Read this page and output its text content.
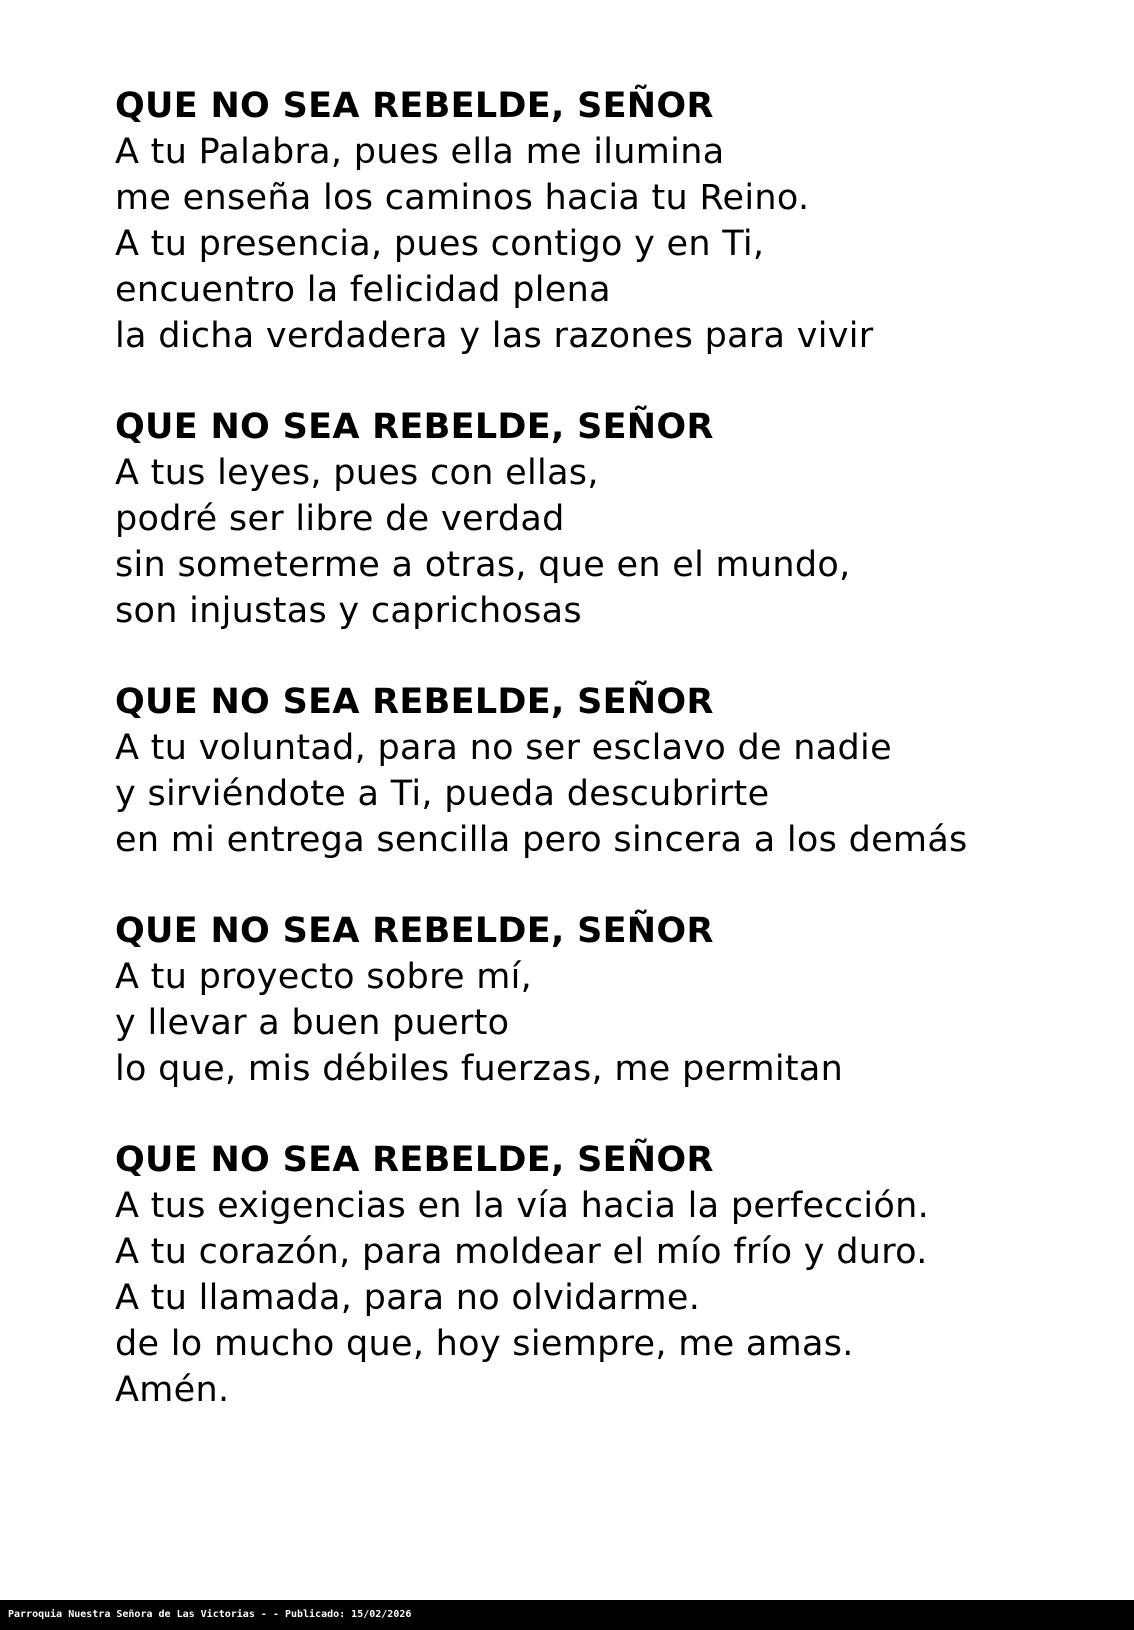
QUE NO SEA REBELDE, SEÑOR
A tu Palabra, pues ella me ilumina
me enseña los caminos hacia tu Reino.
A tu presencia, pues contigo y en Ti,
encuentro la felicidad plena
la dicha verdadera y las razones para vivir
QUE NO SEA REBELDE, SEÑOR
A tus leyes, pues con ellas,
podré ser libre de verdad
sin someterme a otras, que en el mundo,
son injustas y caprichosas
QUE NO SEA REBELDE, SEÑOR
A tu voluntad, para no ser esclavo de nadie
y sirviéndote a Ti, pueda descubrirte
en mi entrega sencilla pero sincera a los demás
QUE NO SEA REBELDE, SEÑOR
A tu proyecto sobre mí,
y llevar a buen puerto
lo que, mis débiles fuerzas, me permitan
QUE NO SEA REBELDE, SEÑOR
A tus exigencias en la vía hacia la perfección.
A tu corazón, para moldear el mío frío y duro.
A tu llamada, para no olvidarme.
de lo mucho que, hoy siempre, me amas.
Amén.
Parroquia Nuestra Señora de Las Victorias - - Publicado: 15/02/2026
